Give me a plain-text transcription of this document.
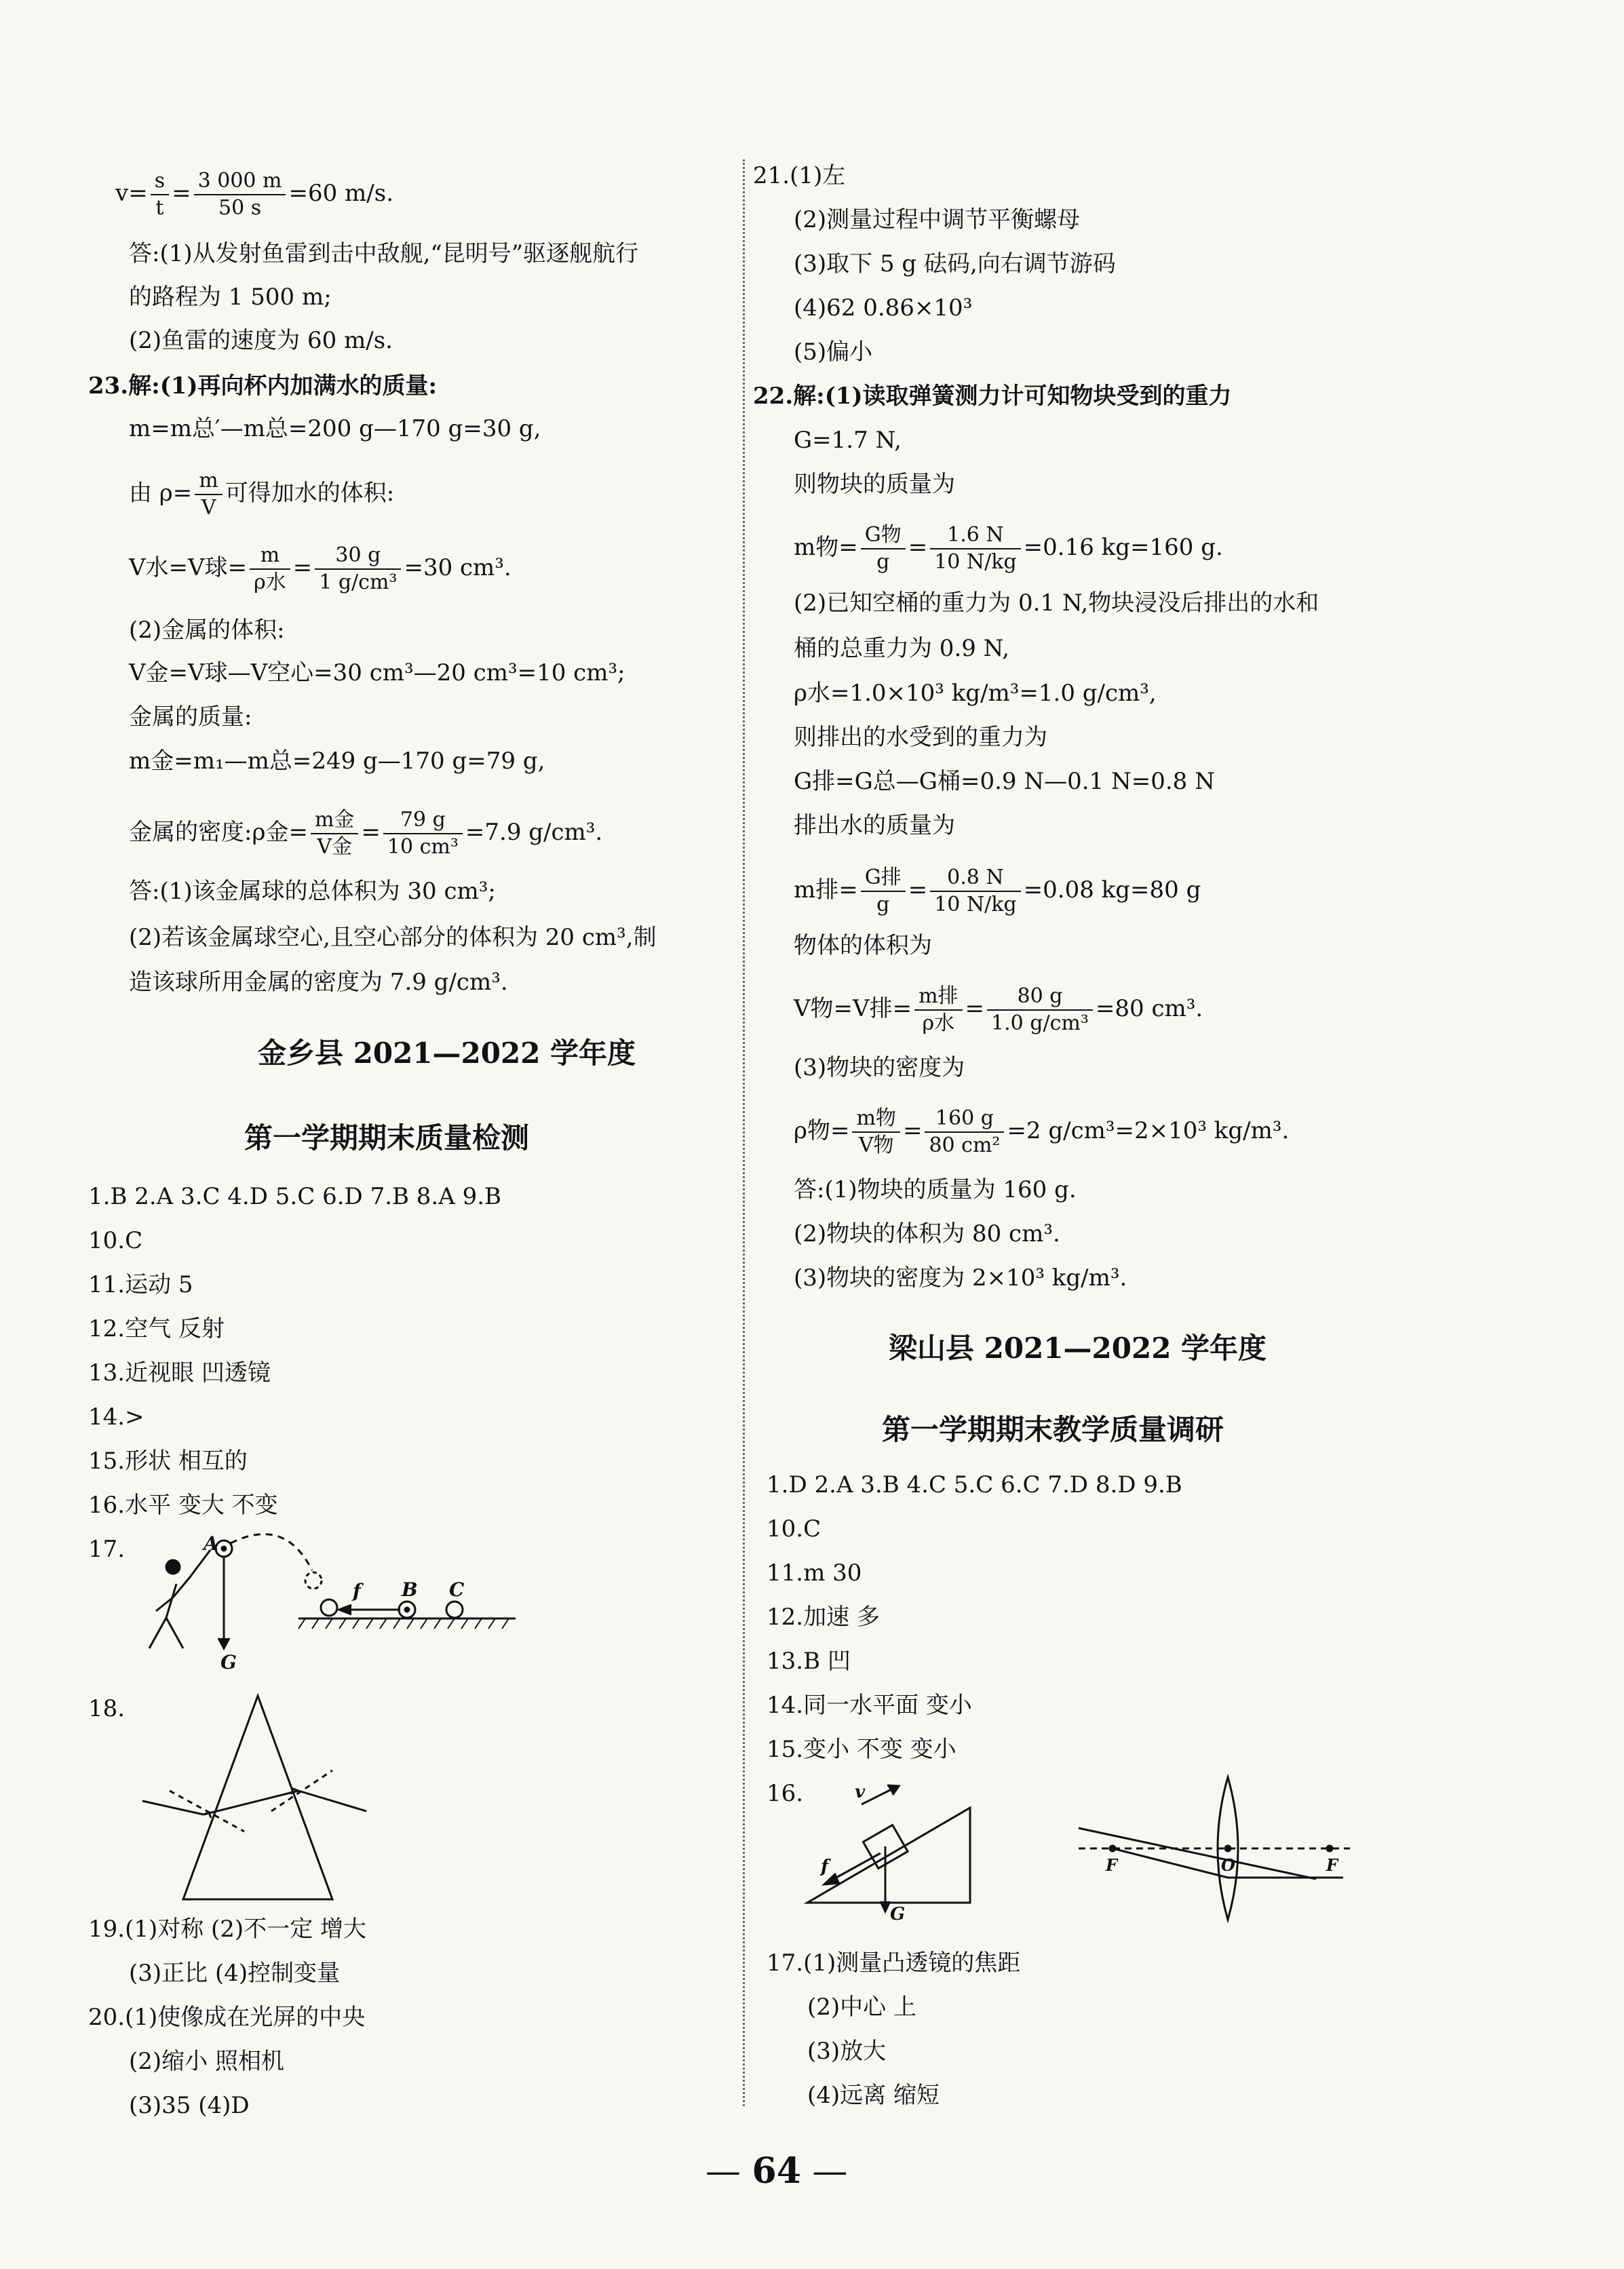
$v= \frac{s}{t} = \frac{3 000 m}{50 s} =60$ m/s.
答:(1)从发射鱼雷到击中敌舰,“昆明号”驱逐舰航行
的路程为 1 500 m;
(2)鱼雷的速度为 60 m/s.
23.解:(1)再向杯内加满水的质量:
m=m总′—m总=200 g—170 g=30 g,
由 $\rho= \frac{m}{V}$ 可得加水的体积:
V水=V球= $\frac{m}{\text{ρ水}} = \frac{30 g}{\text{1 g/cm³}} =30$ cm³.
(2)金属的体积:
V金=V球—V空心=30 cm³—20 cm³=10 cm³;
金属的质量:
m金=m₁—m总=249 g—170 g=79 g,
金属的密度:ρ金= $\frac{\text{m金}}{\text{V金}} = \frac{79 g}{\text{10 cm³}} =7.9$ g/cm³.
答:(1)该金属球的总体积为 30 cm³;
(2)若该金属球空心,且空心部分的体积为 20 cm³,制
造该球所用金属的密度为 7.9 g/cm³.
金乡县 2021—2022 学年度
第一学期期末质量检测
1.B 2.A 3.C 4.D 5.C 6.D 7.B 8.A 9.B
10.C
11.运动 5
12.空气 反射
13.近视眼 凹透镜
14.>
15.形状 相互的
16.水平 变大 不变
17.	A
G
f B C
18.
19.(1)对称 (2)不一定 增大
(3)正比 (4)控制变量
20.(1)使像成在光屏的中央
(2)缩小 照相机
(3)35 (4)D
21.(1)左
(2)测量过程中调节平衡螺母
(3)取下 5 g 砝码,向右调节游码
(4)62 0.86×10³
(5)偏小
22.解:(1)读取弹簧测力计可知物块受到的重力
G=1.7 N,
则物块的质量为
m物= $\frac{\text{G物}}{g} = \frac{1.6 N}{10 N/kg} =0.16$ kg=160 g.
(2)已知空桶的重力为 0.1 N,物块浸没后排出的水和
桶的总重力为 0.9 N,
ρ水=1.0×10³ kg/m³=1.0 g/cm³,
则排出的水受到的重力为
G排=G总—G桶=0.9 N—0.1 N=0.8 N
排出水的质量为
m排= $\frac{\text{G排}}{g} = \frac{0.8 N}{10 N/kg} =0.08$ kg=80 g
物体的体积为
V物=V排= $\frac{\text{m排}}{\text{ρ水}} = \frac{80 g}{\text{1.0 g/cm³}} =80$ cm³.
(3)物块的密度为
ρ物= $\frac{\text{m物}}{\text{V物}} = \frac{160 g}{\text{80 cm²}} =2$ g/cm³=2×10³ kg/m³.
答:(1)物块的质量为 160 g.
(2)物块的体积为 80 cm³.
(3)物块的密度为 2×10³ kg/m³.
梁山县 2021—2022 学年度
第一学期期末教学质量调研
1.D 2.A 3.B 4.C 5.C 6.C 7.D 8.D 9.B
10.C
11.m 30
12.加速 多
13.B 凹
14.同一水平面 变小
15.变小 不变 变小
16.	v
f
G
F	O	F
17.(1)测量凸透镜的焦距
(2)中心 上
(3)放大
(4)远离 缩短
— 64 —
